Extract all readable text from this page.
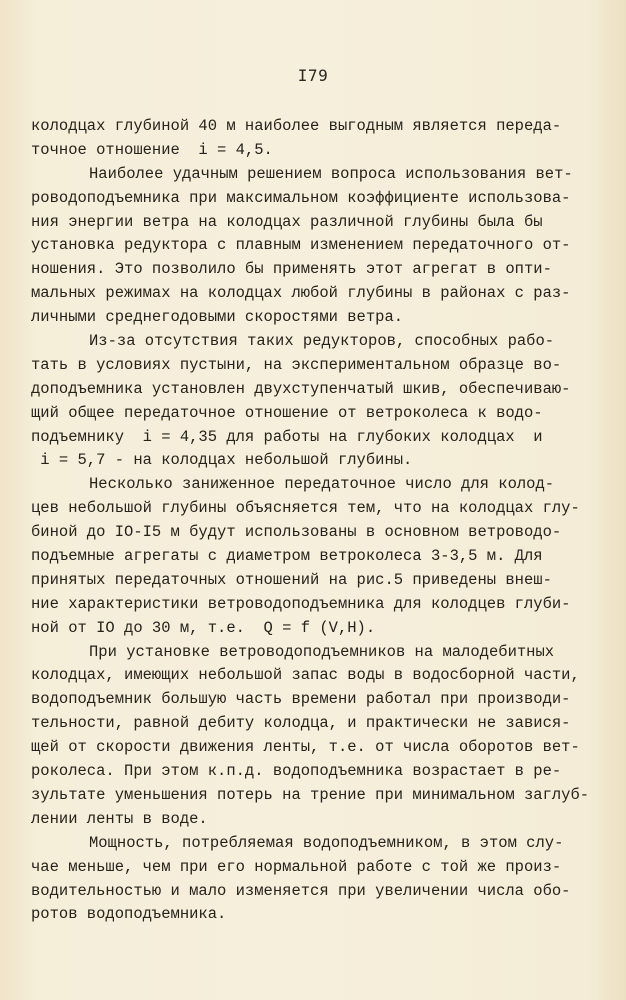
I79
колодцах глубиной 40 м наиболее выгодным является переда-
точное отношение  i = 4,5.
Наиболее удачным решением вопроса использования вет-
роводоподъемника при максимальном коэффициенте использова-
ния энергии ветра на колодцах различной глубины была бы
установка редуктора с плавным изменением передаточного от-
ношения. Это позволило бы применять этот агрегат в опти-
мальных режимах на колодцах любой глубины в районах с раз-
личными среднегодовыми скоростями ветра.
Из-за отсутствия таких редукторов, способных рабо-
тать в условиях пустыни, на экспериментальном образце во-
доподъемника установлен двухступенчатый шкив, обеспечиваю-
щий общее передаточное отношение от ветроколеса к водо-
подъемнику  i = 4,35 для работы на глубоких колодцах  и
i = 5,7 - на колодцах небольшой глубины.
Несколько заниженное передаточное число для колод-
цев небольшой глубины объясняется тем, что на колодцах глу-
биной до IO-I5 м будут использованы в основном ветроводо-
подъемные агрегаты с диаметром ветроколеса 3-3,5 м. Для
принятых передаточных отношений на рис.5 приведены внеш-
ние характеристики ветроводоподъемника для колодцев глуби-
ной от IO до 30 м, т.е.  Q = f (V,H).
При установке ветроводоподъемников на малодебитных
колодцах, имеющих небольшой запас воды в водосборной части,
водоподъемник большую часть времени работал при производи-
тельности, равной дебиту колодца, и практически не завися-
щей от скорости движения ленты, т.е. от числа оборотов вет-
роколеса. При этом к.п.д. водоподъемника возрастает в ре-
зультате уменьшения потерь на трение при минимальном заглуб-
лении ленты в воде.
Мощность, потребляемая водоподъемником, в этом слу-
чае меньше, чем при его нормальной работе с той же произ-
водительностью и мало изменяется при увеличении числа обо-
ротов водоподъемника.
